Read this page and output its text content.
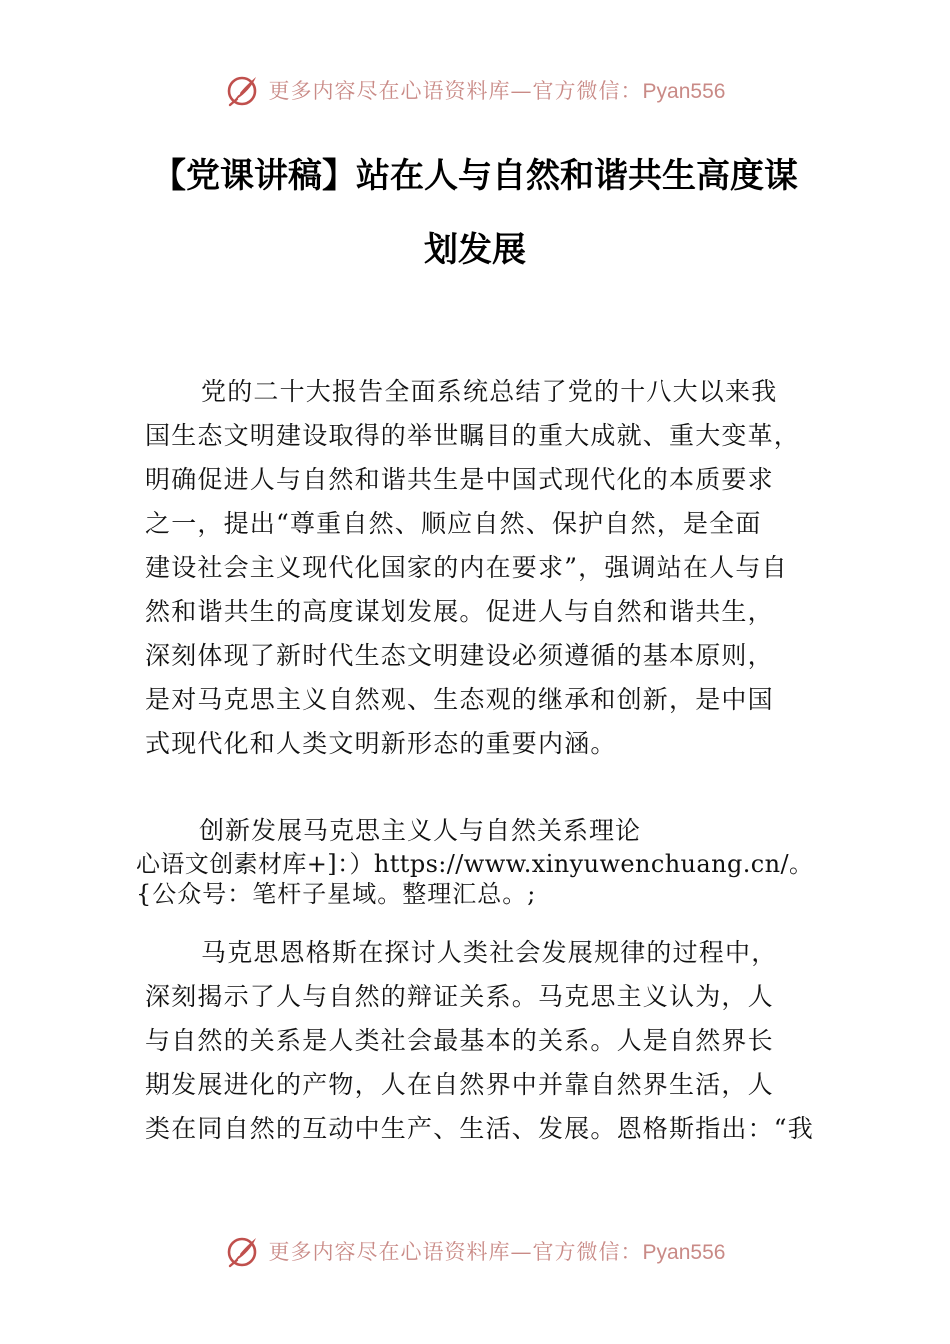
更多内容尽在心语资料库—官方微信：Pyan556
【党课讲稿】站在人与自然和谐共生高度谋
划发展
党的二十大报告全面系统总结了党的十八大以来我
国生态文明建设取得的举世瞩目的重大成就、重大变革，
明确促进人与自然和谐共生是中国式现代化的本质要求
之一，提出“尊重自然、顺应自然、保护自然，是全面
建设社会主义现代化国家的内在要求”，强调站在人与自
然和谐共生的高度谋划发展。促进人与自然和谐共生，
深刻体现了新时代生态文明建设必须遵循的基本原则，
是对马克思主义自然观、生态观的继承和创新，是中国
式现代化和人类文明新形态的重要内涵。

创新发展马克思主义人与自然关系理论

心语文创素材库+]：）https://www.xinyuwenchuang.cn/。

{公众号：笔杆子星域。整理汇总。;

马克思恩格斯在探讨人类社会发展规律的过程中，
深刻揭示了人与自然的辩证关系。马克思主义认为，人
与自然的关系是人类社会最基本的关系。人是自然界长
期发展进化的产物，人在自然界中并靠自然界生活，人
类在同自然的互动中生产、生活、发展。恩格斯指出：“我
更多内容尽在心语资料库—官方微信：Pyan556
